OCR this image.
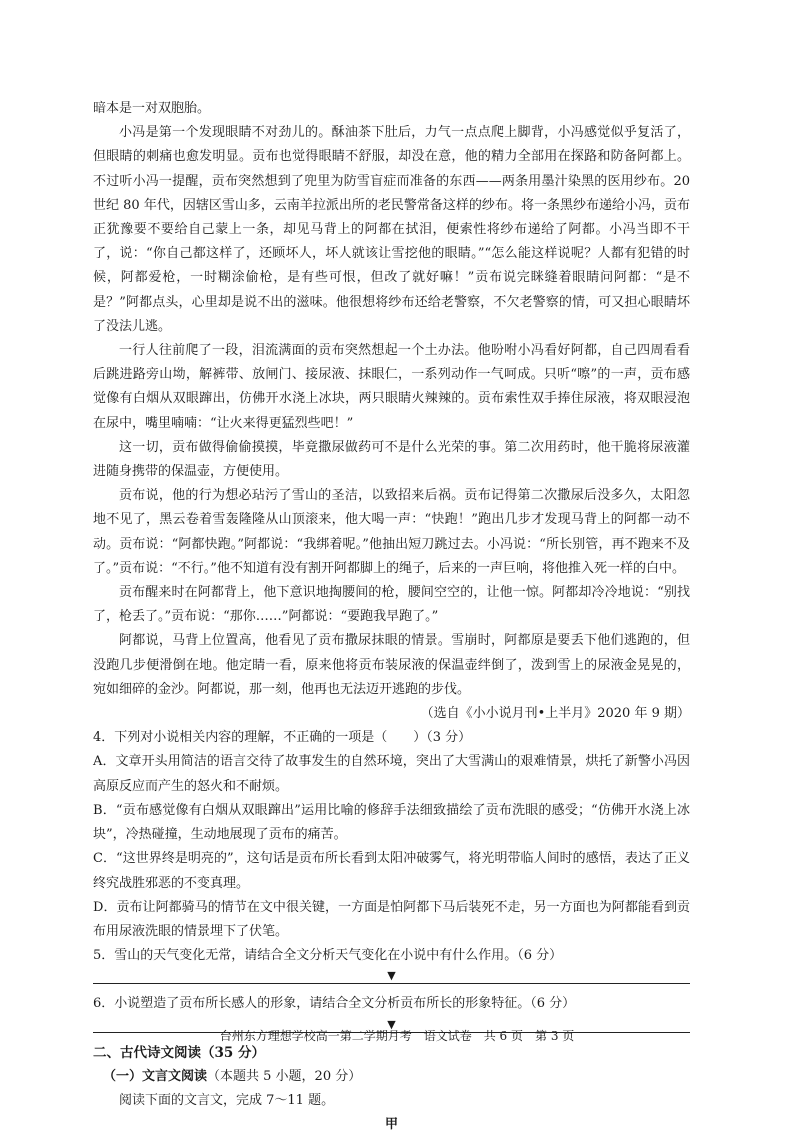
暗本是一对双胞胎。

小冯是第一个发现眼睛不对劲儿的。酥油茶下肚后，力气一点点爬上脚背，小冯感觉似乎复活了，但眼睛的刺痛也愈发明显。贡布也觉得眼睛不舒服，却没在意，他的精力全部用在探路和防备阿都上。不过听小冯一提醒，贡布突然想到了兜里为防雪盲症而准备的东西——两条用墨汁染黑的医用纱布。20 世纪 80 年代，因辖区雪山多，云南羊拉派出所的老民警常备这样的纱布。将一条黑纱布递给小冯，贡布正犹豫要不要给自己蒙上一条，却见马背上的阿都在拭泪，便索性将纱布递给了阿都。小冯当即不干了，说：“你自己都这样了，还顾坏人，坏人就该让雪挖他的眼睛。”“怎么能这样说呢？人都有犯错的时候，阿都爱枪，一时糊涂偷枪，是有些可恨，但改了就好嘛！”贡布说完眯缝着眼睛问阿都：“是不是？”阿都点头，心里却是说不出的滋味。他很想将纱布还给老警察，不欠老警察的情，可又担心眼睛坏了没法儿逃。

一行人往前爬了一段，泪流满面的贡布突然想起一个土办法。他吩咐小冯看好阿都，自己四周看看后跳进路旁山坳，解裤带、放闸门、接尿液、抹眼仁，一系列动作一气呵成。只听“嚓”的一声，贡布感觉像有白烟从双眼蹿出，仿佛开水浇上冰块，两只眼睛火辣辣的。贡布索性双手捧住尿液，将双眼浸泡在尿中，嘴里喃喃：“让火来得更猛烈些吧！”

这一切，贡布做得偷偷摸摸，毕竟撒尿做药可不是什么光荣的事。第二次用药时，他干脆将尿液灌进随身携带的保温壶，方便使用。

贡布说，他的行为想必玷污了雪山的圣洁，以致招来后祸。贡布记得第二次撒尿后没多久，太阳忽地不见了，黑云卷着雪轰隆隆从山顶滚来，他大喝一声：“快跑！”跑出几步才发现马背上的阿都一动不动。贡布说：“阿都快跑。”阿都说：“我绑着呢。”他抽出短刀跳过去。小冯说：“所长别管，再不跑来不及了。”贡布说：“不行。”他不知道有没有割开阿都脚上的绳子，后来的一声巨响，将他推入死一样的白中。

贡布醒来时在阿都背上，他下意识地掏腰间的枪，腰间空空的，让他一惊。阿都却冷冷地说：“别找了，枪丢了。”贡布说：“那你……”阿都说：“要跑我早跑了。”

阿都说，马背上位置高，他看见了贡布撒尿抹眼的情景。雪崩时，阿都原是要丢下他们逃跑的，但没跑几步便滑倒在地。他定睛一看，原来他将贡布装尿液的保温壶绊倒了，泼到雪上的尿液金晃晃的，宛如细碎的金沙。阿都说，那一刻，他再也无法迈开逃跑的步伐。

（选自《小小说月刊•上半月》2020 年 9 期）

4．下列对小说相关内容的理解，不正确的一项是（　　）（3 分）

A．文章开头用简洁的语言交待了故事发生的自然环境，突出了大雪满山的艰难情景，烘托了新警小冯因高原反应而产生的怒火和不耐烦。

B．“贡布感觉像有白烟从双眼蹿出”运用比喻的修辞手法细致描绘了贡布洗眼的感受；“仿佛开水浇上冰块”，冷热碰撞，生动地展现了贡布的痛苦。

C．“这世界终是明亮的”，这句话是贡布所长看到太阳冲破雾气，将光明带临人间时的感悟，表达了正义终究战胜邪恶的不变真理。

D．贡布让阿都骑马的情节在文中很关键，一方面是怕阿都下马后装死不走，另一方面也为阿都能看到贡布用尿液洗眼的情景埋下了伏笔。

5．雪山的天气变化无常，请结合全文分析天气变化在小说中有什么作用。（6 分）

▼

6．小说塑造了贡布所长感人的形象，请结合全文分析贡布所长的形象特征。（6 分）

▼

二、古代诗文阅读（35 分）

（一）文言文阅读（本题共 5 小题，20 分）

阅读下面的文言文，完成 7～11 题。

甲

台州东方理想学校高一第二学期月考　语文试卷　共 6 页　第 3 页
